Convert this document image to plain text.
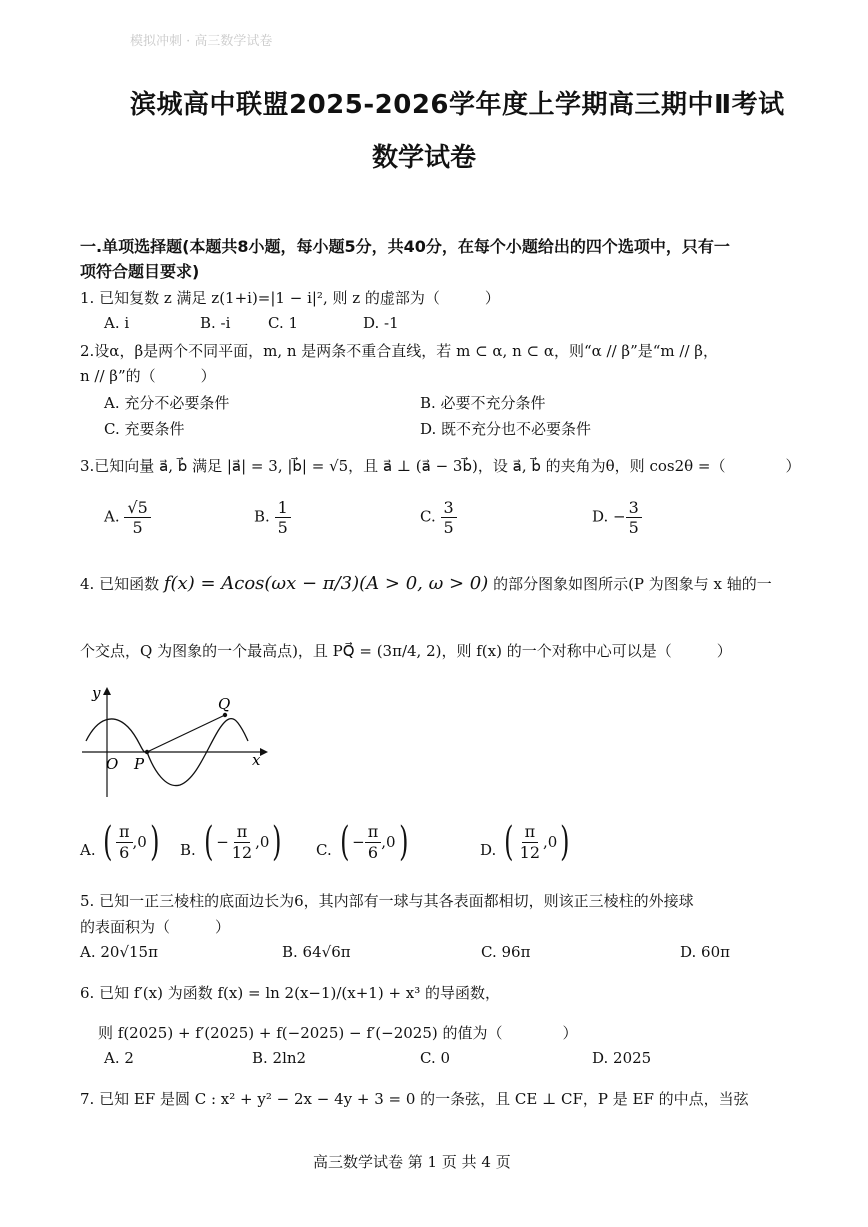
模拟冲刺 · 高三数学试卷
滨城高中联盟2025-2026学年度上学期高三期中Ⅱ考试
数学试卷
一.单项选择题(本题共8小题，每小题5分，共40分，在每个小题给出的四个选项中，只有一
项符合题目要求)
1. 已知复数 z 满足 z(1+i)=|1 − i|², 则 z 的虚部为（　　　）
A. i	B. -i	C. 1	D. -1
2.设α，β是两个不同平面，m, n 是两条不重合直线，若 m ⊂ α, n ⊂ α，则“α // β”是“m // β，
n // β”的（　　　）
A. 充分不必要条件	B. 必要不充分条件
C. 充要条件	D. 既不充分也不必要条件
3.已知向量 a⃗, b⃗ 满足 |a⃗| = 3, |b⃗| = √5，且 a⃗ ⊥ (a⃗ − 3b⃗)，设 a⃗, b⃗ 的夹角为θ，则 cos2θ =（　　　　）
A. $\frac{√5}{5}$	B. $\frac{1}{5}$	C. $\frac{3}{5}$	D. − $\frac{3}{5}$
4. 已知函数 f(x) = Acos(ωx − π/3)(A > 0, ω > 0) 的部分图象如图所示(P 为图象与 x 轴的一
个交点，Q 为图象的一个最高点)，且 PQ⃗ = (3π/4, 2)，则 f(x) 的一个对称中心可以是（　　　）
y
x
O P
Q
A. ( $\frac{\pi}{6} ,0$ ) B. ( − $\frac{\pi}{12} ,0$ ) C. ( − $\frac{\pi}{6} ,0$ )	D. ( $\frac{\pi}{12} ,0$ )
5. 已知一正三棱柱的底面边长为6，其内部有一球与其各表面都相切，则该正三棱柱的外接球
的表面积为（　　　）
A. 20√15π	B. 64√6π	C. 96π	D. 60π
6. 已知 f′(x) 为函数 f(x) = ln 2(x−1)/(x+1) + x³ 的导函数，
则 f(2025) + f′(2025) + f(−2025) − f′(−2025) 的值为（　　　　）
A. 2	B. 2ln2	C. 0	D. 2025
7. 已知 EF 是圆 C : x² + y² − 2x − 4y + 3 = 0 的一条弦，且 CE ⊥ CF，P 是 EF 的中点，当弦
高三数学试卷 第 1 页 共 4 页
